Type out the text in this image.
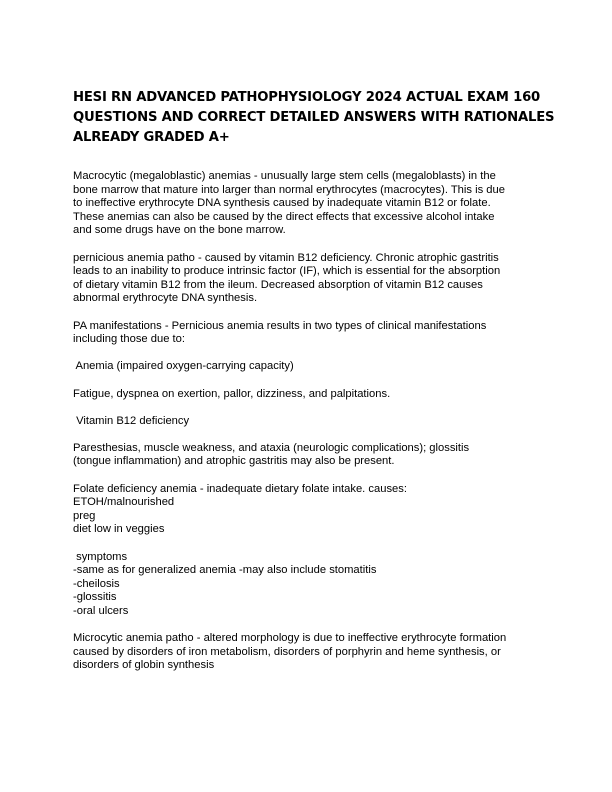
HESI RN ADVANCED PATHOPHYSIOLOGY 2024 ACTUAL EXAM 160
QUESTIONS AND CORRECT DETAILED ANSWERS WITH RATIONALES
ALREADY GRADED A+

Macrocytic (megaloblastic) anemias - unusually large stem cells (megaloblasts) in the
bone marrow that mature into larger than normal erythrocytes (macrocytes). This is due
to ineffective erythrocyte DNA synthesis caused by inadequate vitamin B12 or folate.
These anemias can also be caused by the direct effects that excessive alcohol intake
and some drugs have on the bone marrow.

pernicious anemia patho - caused by vitamin B12 deficiency. Chronic atrophic gastritis
leads to an inability to produce intrinsic factor (IF), which is essential for the absorption
of dietary vitamin B12 from the ileum. Decreased absorption of vitamin B12 causes
abnormal erythrocyte DNA synthesis.

PA manifestations - Pernicious anemia results in two types of clinical manifestations
including those due to:

Anemia (impaired oxygen-carrying capacity)

Fatigue, dyspnea on exertion, pallor, dizziness, and palpitations.

Vitamin B12 deficiency

Paresthesias, muscle weakness, and ataxia (neurologic complications); glossitis
(tongue inflammation) and atrophic gastritis may also be present.

Folate deficiency anemia - inadequate dietary folate intake. causes:
ETOH/malnourished
preg
diet low in veggies

symptoms
-same as for generalized anemia -may also include stomatitis
-cheilosis
-glossitis
-oral ulcers

Microcytic anemia patho - altered morphology is due to ineffective erythrocyte formation
caused by disorders of iron metabolism, disorders of porphyrin and heme synthesis, or
disorders of globin synthesis
